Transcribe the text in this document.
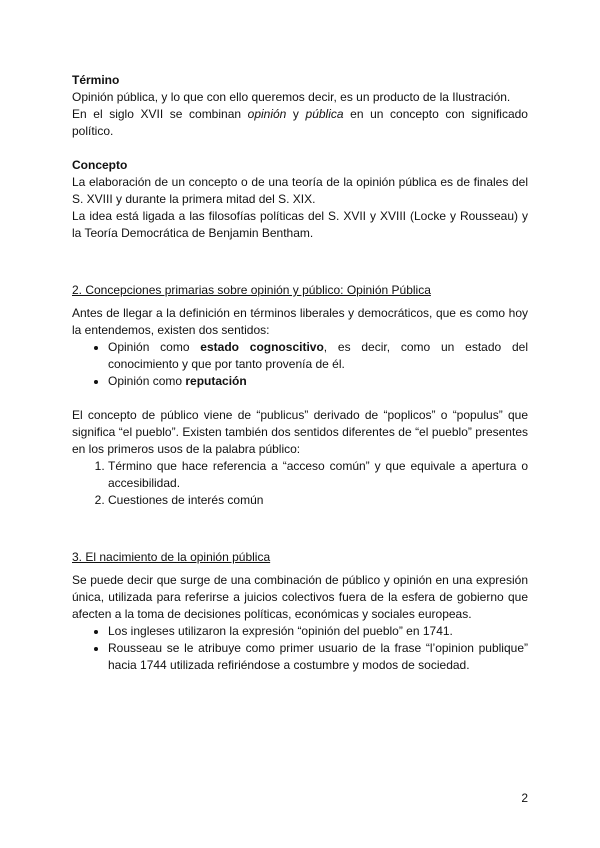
Término

Opinión pública, y lo que con ello queremos decir, es un producto de la Ilustración.

En el siglo XVII se combinan opinión y pública en un concepto con significado político.

Concepto

La elaboración de un concepto o de una teoría de la opinión pública es de finales del S. XVIII y durante la primera mitad del S. XIX.

La idea está ligada a las filosofías políticas del S. XVII y XVIII (Locke y Rousseau) y la Teoría Democrática de Benjamin Bentham.

2. Concepciones primarias sobre opinión y público: Opinión Pública

Antes de llegar a la definición en términos liberales y democráticos, que es como hoy la entendemos, existen dos sentidos:

• Opinión como estado cognoscitivo, es decir, como un estado del conocimiento y que por tanto provenía de él.
• Opinión como reputación

El concepto de público viene de “publicus” derivado de “poplicos” o “populus” que significa “el pueblo”. Existen también dos sentidos diferentes de “el pueblo” presentes en los primeros usos de la palabra público:

1. Término que hace referencia a “acceso común” y que equivale a apertura o accesibilidad.
2. Cuestiones de interés común

3. El nacimiento de la opinión pública

Se puede decir que surge de una combinación de público y opinión en una expresión única, utilizada para referirse a juicios colectivos fuera de la esfera de gobierno que afecten a la toma de decisiones políticas, económicas y sociales europeas.

• Los ingleses utilizaron la expresión “opinión del pueblo” en 1741.
• Rousseau se le atribuye como primer usuario de la frase “l’opinion publique” hacia 1744 utilizada refiriéndose a costumbre y modos de sociedad.
2
